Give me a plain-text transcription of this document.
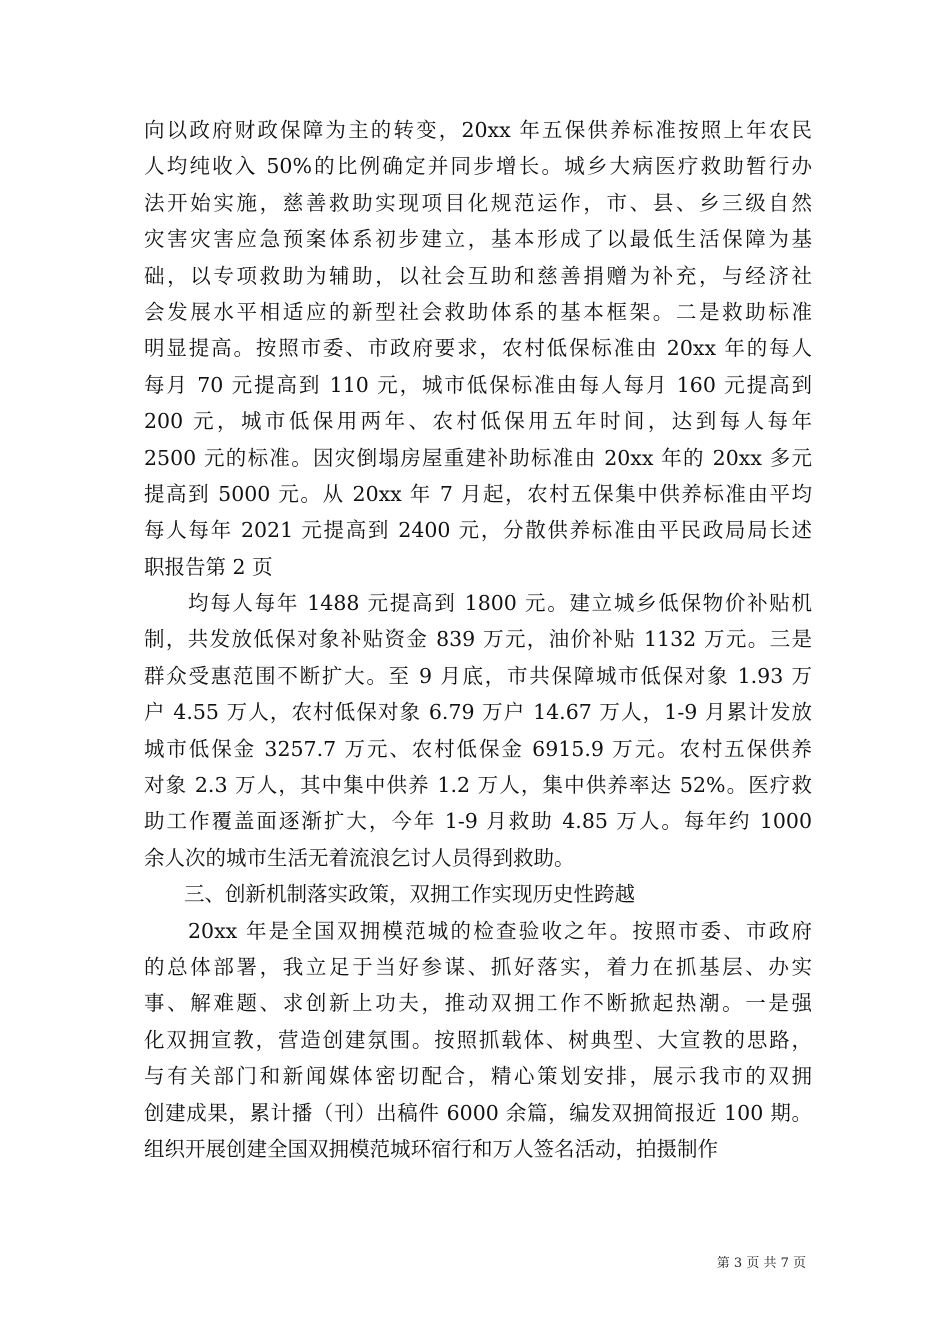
向以政府财政保障为主的转变，20xx 年五保供养标准按照上年农民
人均纯收入 50%的比例确定并同步增长。城乡大病医疗救助暂行办
法开始实施，慈善救助实现项目化规范运作，市、县、乡三级自然
灾害灾害应急预案体系初步建立，基本形成了以最低生活保障为基
础，以专项救助为辅助，以社会互助和慈善捐赠为补充，与经济社
会发展水平相适应的新型社会救助体系的基本框架。二是救助标准
明显提高。按照市委、市政府要求，农村低保标准由 20xx 年的每人
每月 70 元提高到 110 元，城市低保标准由每人每月 160 元提高到
200 元，城市低保用两年、农村低保用五年时间，达到每人每年
2500 元的标准。因灾倒塌房屋重建补助标准由 20xx 年的 20xx 多元
提高到 5000 元。从 20xx 年 7 月起，农村五保集中供养标准由平均
每人每年 2021 元提高到 2400 元，分散供养标准由平民政局局长述
职报告第 2 页
均每人每年 1488 元提高到 1800 元。建立城乡低保物价补贴机
制，共发放低保对象补贴资金 839 万元，油价补贴 1132 万元。三是
群众受惠范围不断扩大。至 9 月底，市共保障城市低保对象 1.93 万
户 4.55 万人，农村低保对象 6.79 万户 14.67 万人，1-9 月累计发放
城市低保金 3257.7 万元、农村低保金 6915.9 万元。农村五保供养
对象 2.3 万人，其中集中供养 1.2 万人，集中供养率达 52%。医疗救
助工作覆盖面逐渐扩大，今年 1-9 月救助 4.85 万人。每年约 1000
余人次的城市生活无着流浪乞讨人员得到救助。
三、创新机制落实政策，双拥工作实现历史性跨越
20xx 年是全国双拥模范城的检查验收之年。按照市委、市政府
的总体部署，我立足于当好参谋、抓好落实，着力在抓基层、办实
事、解难题、求创新上功夫，推动双拥工作不断掀起热潮。一是强
化双拥宣教，营造创建氛围。按照抓载体、树典型、大宣教的思路，
与有关部门和新闻媒体密切配合，精心策划安排，展示我市的双拥
创建成果，累计播（刊）出稿件 6000 余篇，编发双拥简报近 100 期。
组织开展创建全国双拥模范城环宿行和万人签名活动，拍摄制作
第 3 页 共 7 页
